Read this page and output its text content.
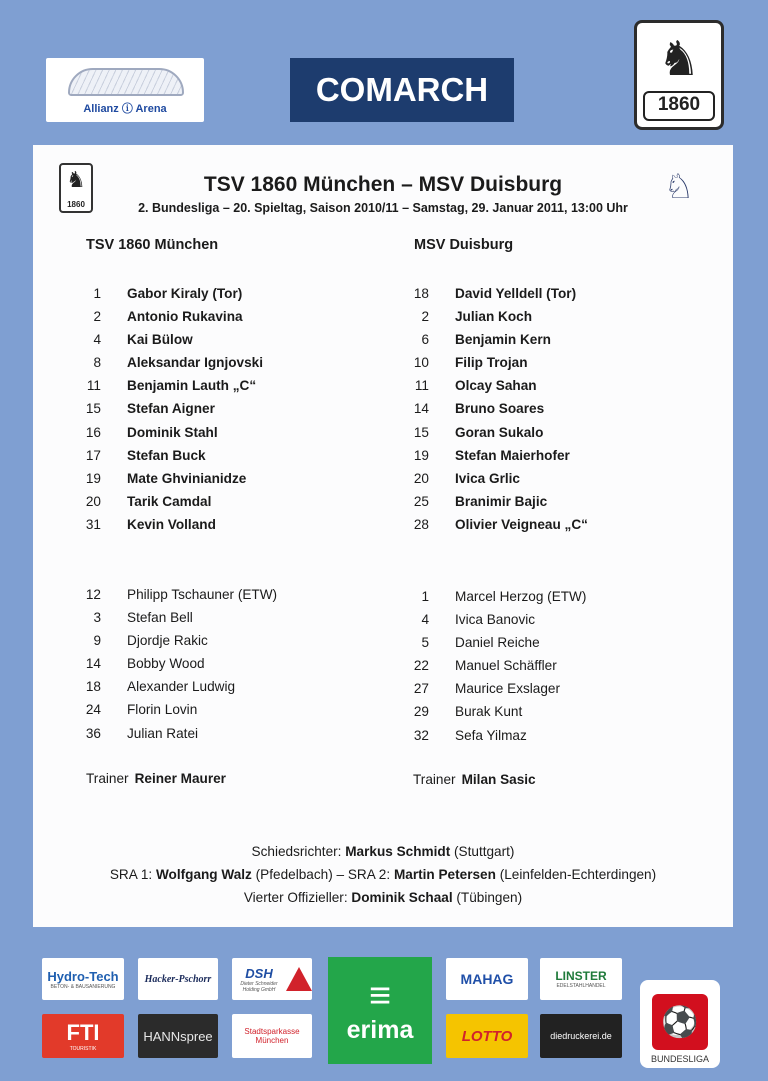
Allianz ⓘ Arena
COMARCH
♞
1860
♞
1860	♘
TSV 1860 München – MSV Duisburg
2. Bundesliga – 20. Spieltag, Saison 2010/11 – Samstag, 29. Januar 2011, 13:00 Uhr
TSV 1860 München	MSV Duisburg
1 Gabor Kiraly (Tor)
2 Antonio Rukavina
4 Kai Bülow
8 Aleksandar Ignjovski
11 Benjamin Lauth „C“
15 Stefan Aigner
16 Dominik Stahl
17 Stefan Buck
19 Mate Ghvinianidze
20 Tarik Camdal
31 Kevin Volland
18 David Yelldell (Tor)
2 Julian Koch
6 Benjamin Kern
10 Filip Trojan
11 Olcay Sahan
14 Bruno Soares
15 Goran Sukalo
19 Stefan Maierhofer
20 Ivica Grlic
25 Branimir Bajic
28 Olivier Veigneau „C“
12 Philipp Tschauner (ETW)
3 Stefan Bell
9 Djordje Rakic
14 Bobby Wood
18 Alexander Ludwig
24 Florin Lovin
36 Julian Ratei
1 Marcel Herzog (ETW)
4 Ivica Banovic
5 Daniel Reiche
22 Manuel Schäffler
27 Maurice Exslager
29 Burak Kunt
32 Sefa Yilmaz
Trainer Reiner Maurer	Trainer Milan Sasic
Schiedsrichter: Markus Schmidt (Stuttgart)
SRA 1: Wolfgang Walz (Pfedelbach) – SRA 2: Martin Petersen (Leinfelden-Echterdingen)
Vierter Offizieller: Dominik Schaal (Tübingen)
Hydro-Tech
BETON- & BAUSANIERUNG
Hacker-Pschorr	DSH
Dieter Schneider Holding GmbH ≡
erima
MAHAG	LINSTER
EDELSTAHLHANDEL
⚽
BUNDESLIGA
FTI
TOURISTIK
HANNspree	Stadtsparkasse München	LOTTO	diedruckerei.de
